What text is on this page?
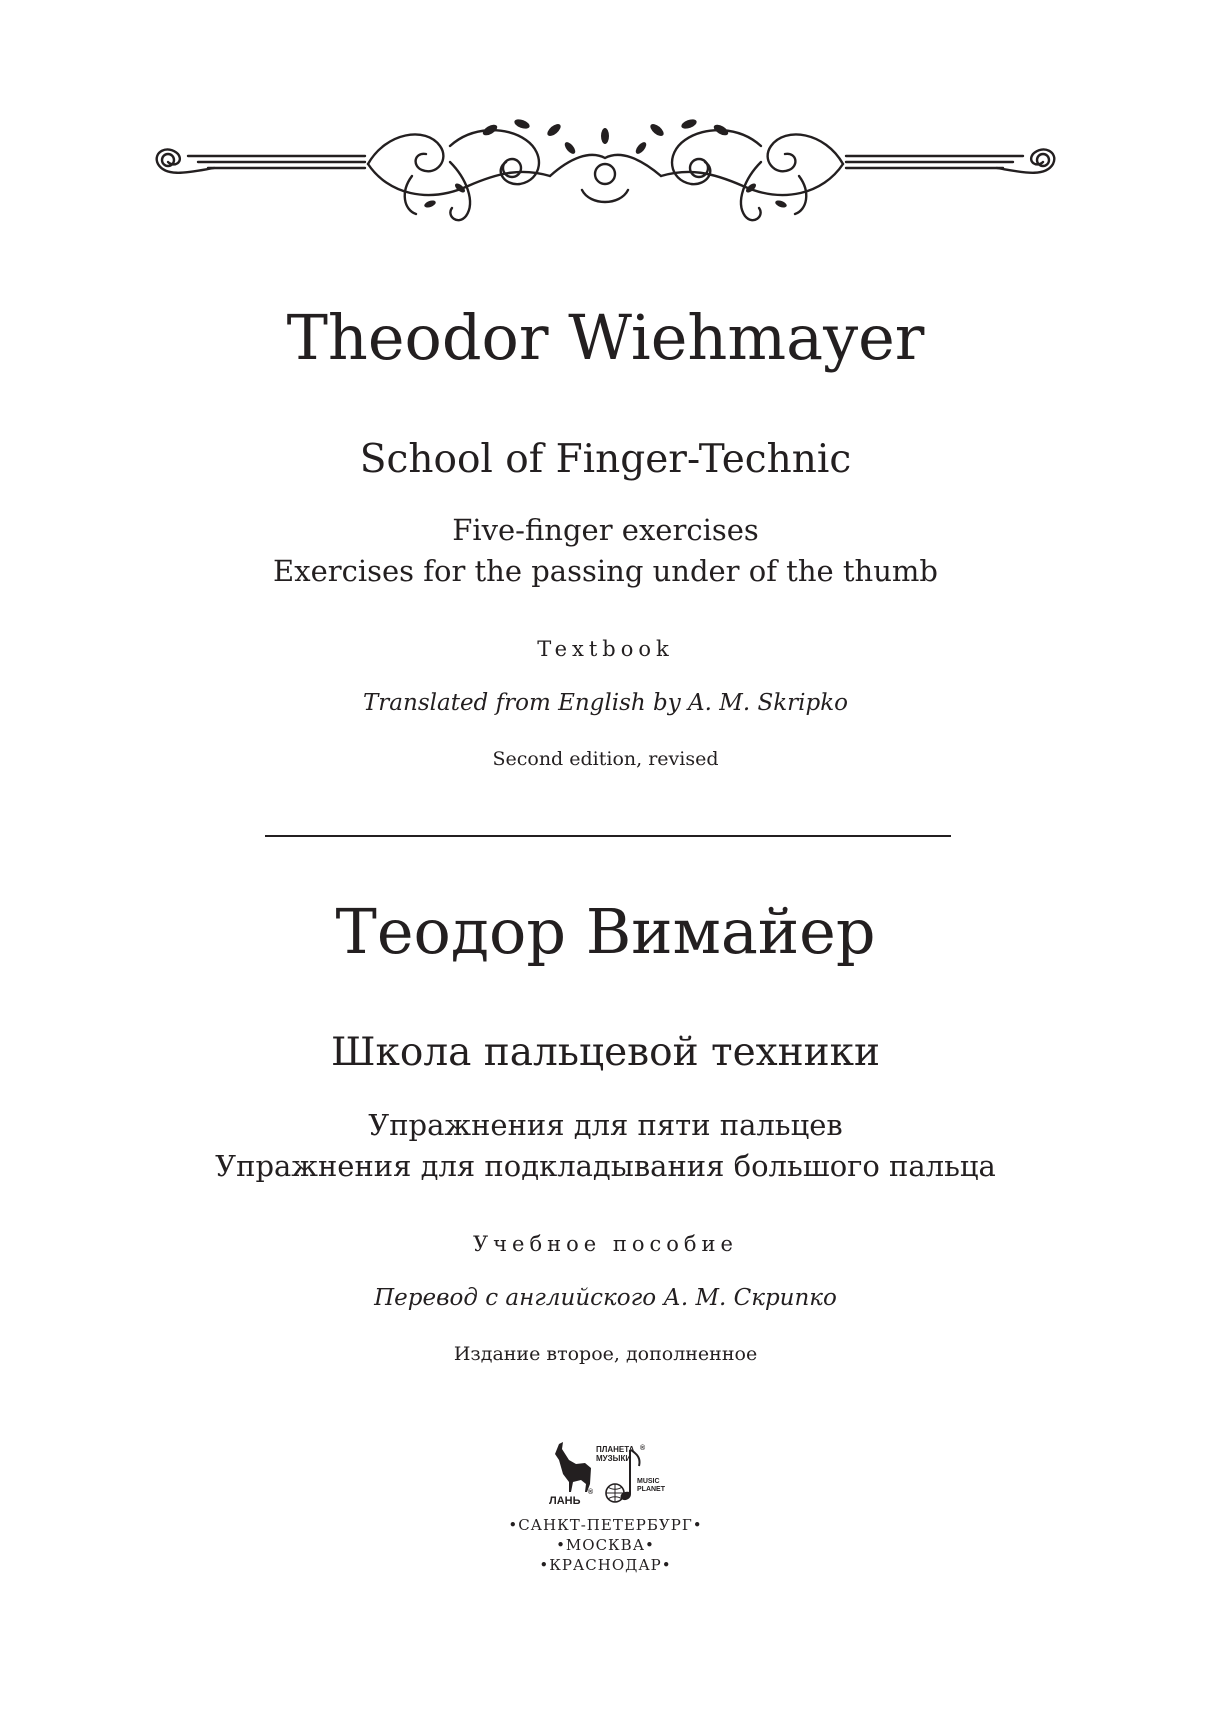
Theodor Wiehmayer
School of Finger-Technic
Five-finger exercises
Exercises for the passing under of the thumb
Textbook
Translated from English by A. M. Skripko
Second edition, revised
Теодор Вимайер
Школа пальцевой техники
Упражнения для пяти пальцев
Упражнения для подкладывания большого пальца
Учебное пособие
Перевод с английского А. М. Скрипко
Издание второе, дополненное
ПЛАНЕТА
МУЗЫКИ
®
MUSIC
PLANET
ЛАНЬ
®
•САНКТ-ПЕТЕРБУРГ•
•МОСКВА•
•КРАСНОДАР•
